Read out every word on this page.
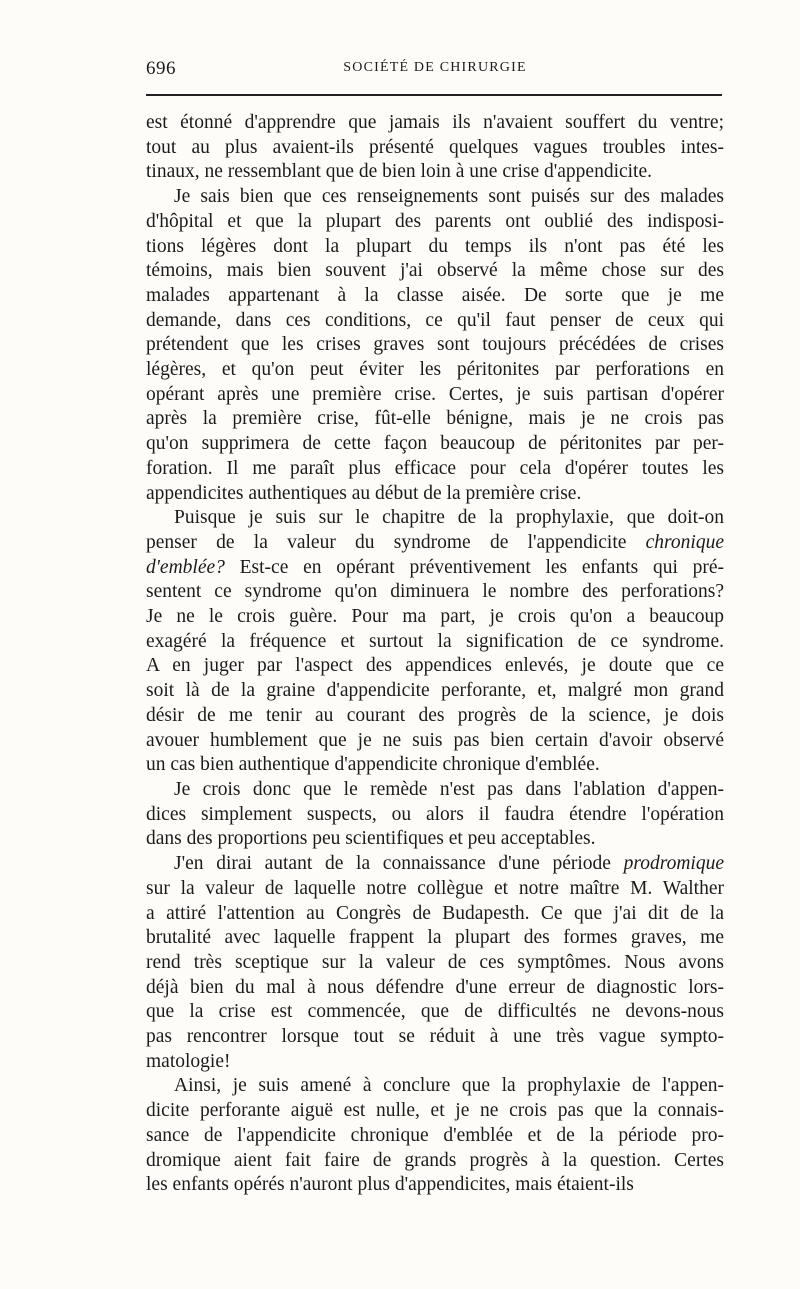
696	SOCIÉTÉ DE CHIRURGIE
est étonné d'apprendre que jamais ils n'avaient souffert du ventre;
tout au plus avaient-ils présenté quelques vagues troubles intes-
tinaux, ne ressemblant que de bien loin à une crise d'appendicite.
Je sais bien que ces renseignements sont puisés sur des malades
d'hôpital et que la plupart des parents ont oublié des indisposi-
tions légères dont la plupart du temps ils n'ont pas été les
témoins, mais bien souvent j'ai observé la même chose sur des
malades appartenant à la classe aisée. De sorte que je me
demande, dans ces conditions, ce qu'il faut penser de ceux qui
prétendent que les crises graves sont toujours précédées de crises
légères, et qu'on peut éviter les péritonites par perforations en
opérant après une première crise. Certes, je suis partisan d'opérer
après la première crise, fût-elle bénigne, mais je ne crois pas
qu'on supprimera de cette façon beaucoup de péritonites par per-
foration. Il me paraît plus efficace pour cela d'opérer toutes les
appendicites authentiques au début de la première crise.
Puisque je suis sur le chapitre de la prophylaxie, que doit-on
penser de la valeur du syndrome de l'appendicite chronique
d'emblée? Est-ce en opérant préventivement les enfants qui pré-
sentent ce syndrome qu'on diminuera le nombre des perforations?
Je ne le crois guère. Pour ma part, je crois qu'on a beaucoup
exagéré la fréquence et surtout la signification de ce syndrome.
A en juger par l'aspect des appendices enlevés, je doute que ce
soit là de la graine d'appendicite perforante, et, malgré mon grand
désir de me tenir au courant des progrès de la science, je dois
avouer humblement que je ne suis pas bien certain d'avoir observé
un cas bien authentique d'appendicite chronique d'emblée.
Je crois donc que le remède n'est pas dans l'ablation d'appen-
dices simplement suspects, ou alors il faudra étendre l'opération
dans des proportions peu scientifiques et peu acceptables.
J'en dirai autant de la connaissance d'une période prodromique
sur la valeur de laquelle notre collègue et notre maître M. Walther
a attiré l'attention au Congrès de Budapesth. Ce que j'ai dit de la
brutalité avec laquelle frappent la plupart des formes graves, me
rend très sceptique sur la valeur de ces symptômes. Nous avons
déjà bien du mal à nous défendre d'une erreur de diagnostic lors-
que la crise est commencée, que de difficultés ne devons-nous
pas rencontrer lorsque tout se réduit à une très vague sympto-
matologie!
Ainsi, je suis amené à conclure que la prophylaxie de l'appen-
dicite perforante aiguë est nulle, et je ne crois pas que la connais-
sance de l'appendicite chronique d'emblée et de la période pro-
dromique aient fait faire de grands progrès à la question. Certes
les enfants opérés n'auront plus d'appendicites, mais étaient-ils
